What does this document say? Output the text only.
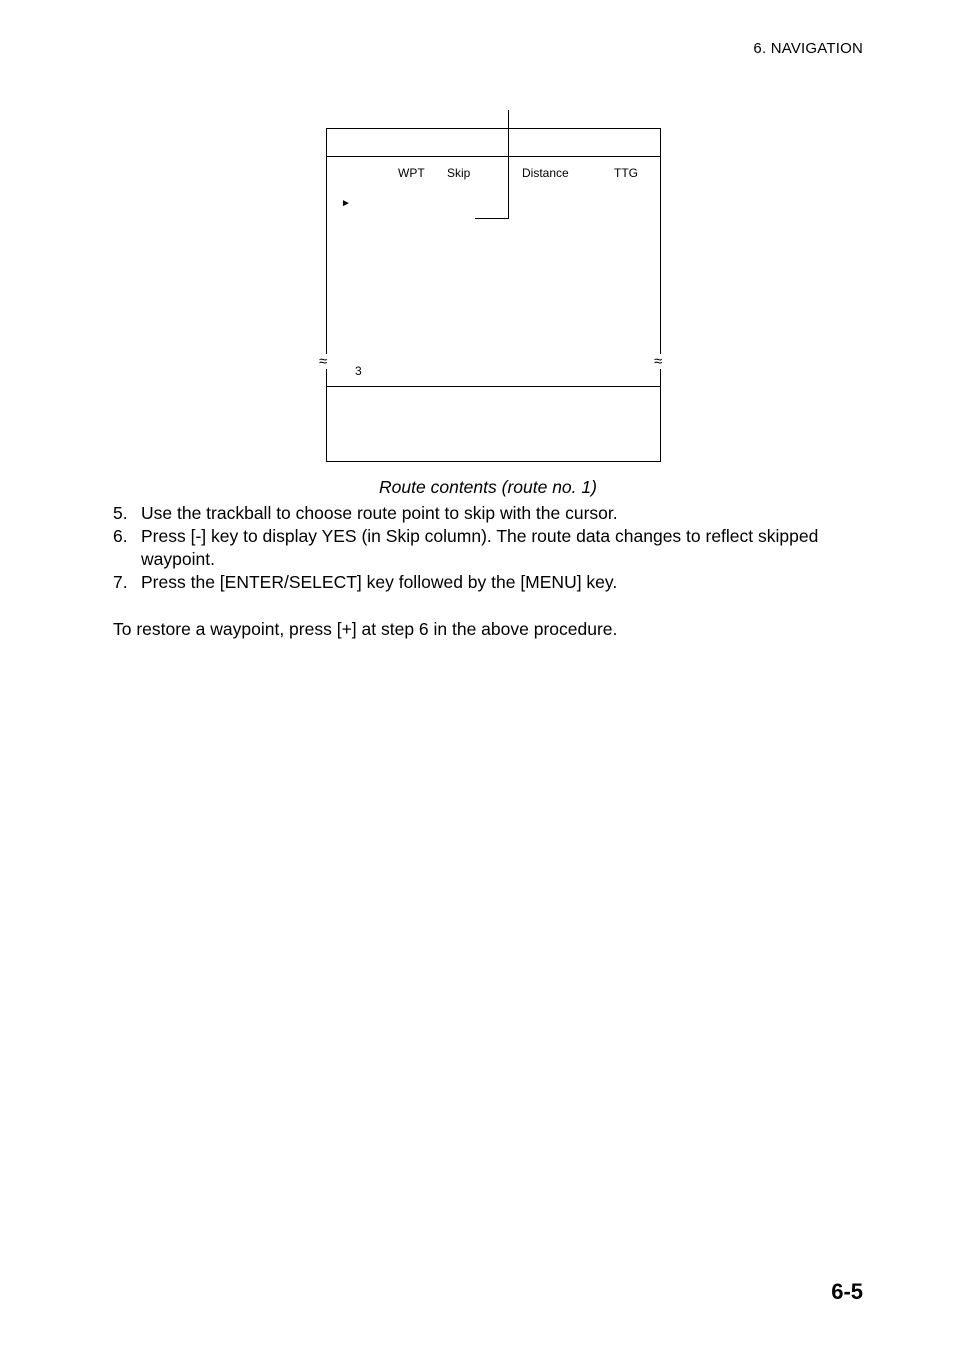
6. NAVIGATION
WPT Skip	Distance	TTG
►
3
≈	≈
Route contents (route no. 1)
5. Use the trackball to choose route point to skip with the cursor.
6. Press [-] key to display YES (in Skip column). The route data changes to reflect skipped waypoint.
7. Press the [ENTER/SELECT] key followed by the [MENU] key.
To restore a waypoint, press [+] at step 6 in the above procedure.
6-5
